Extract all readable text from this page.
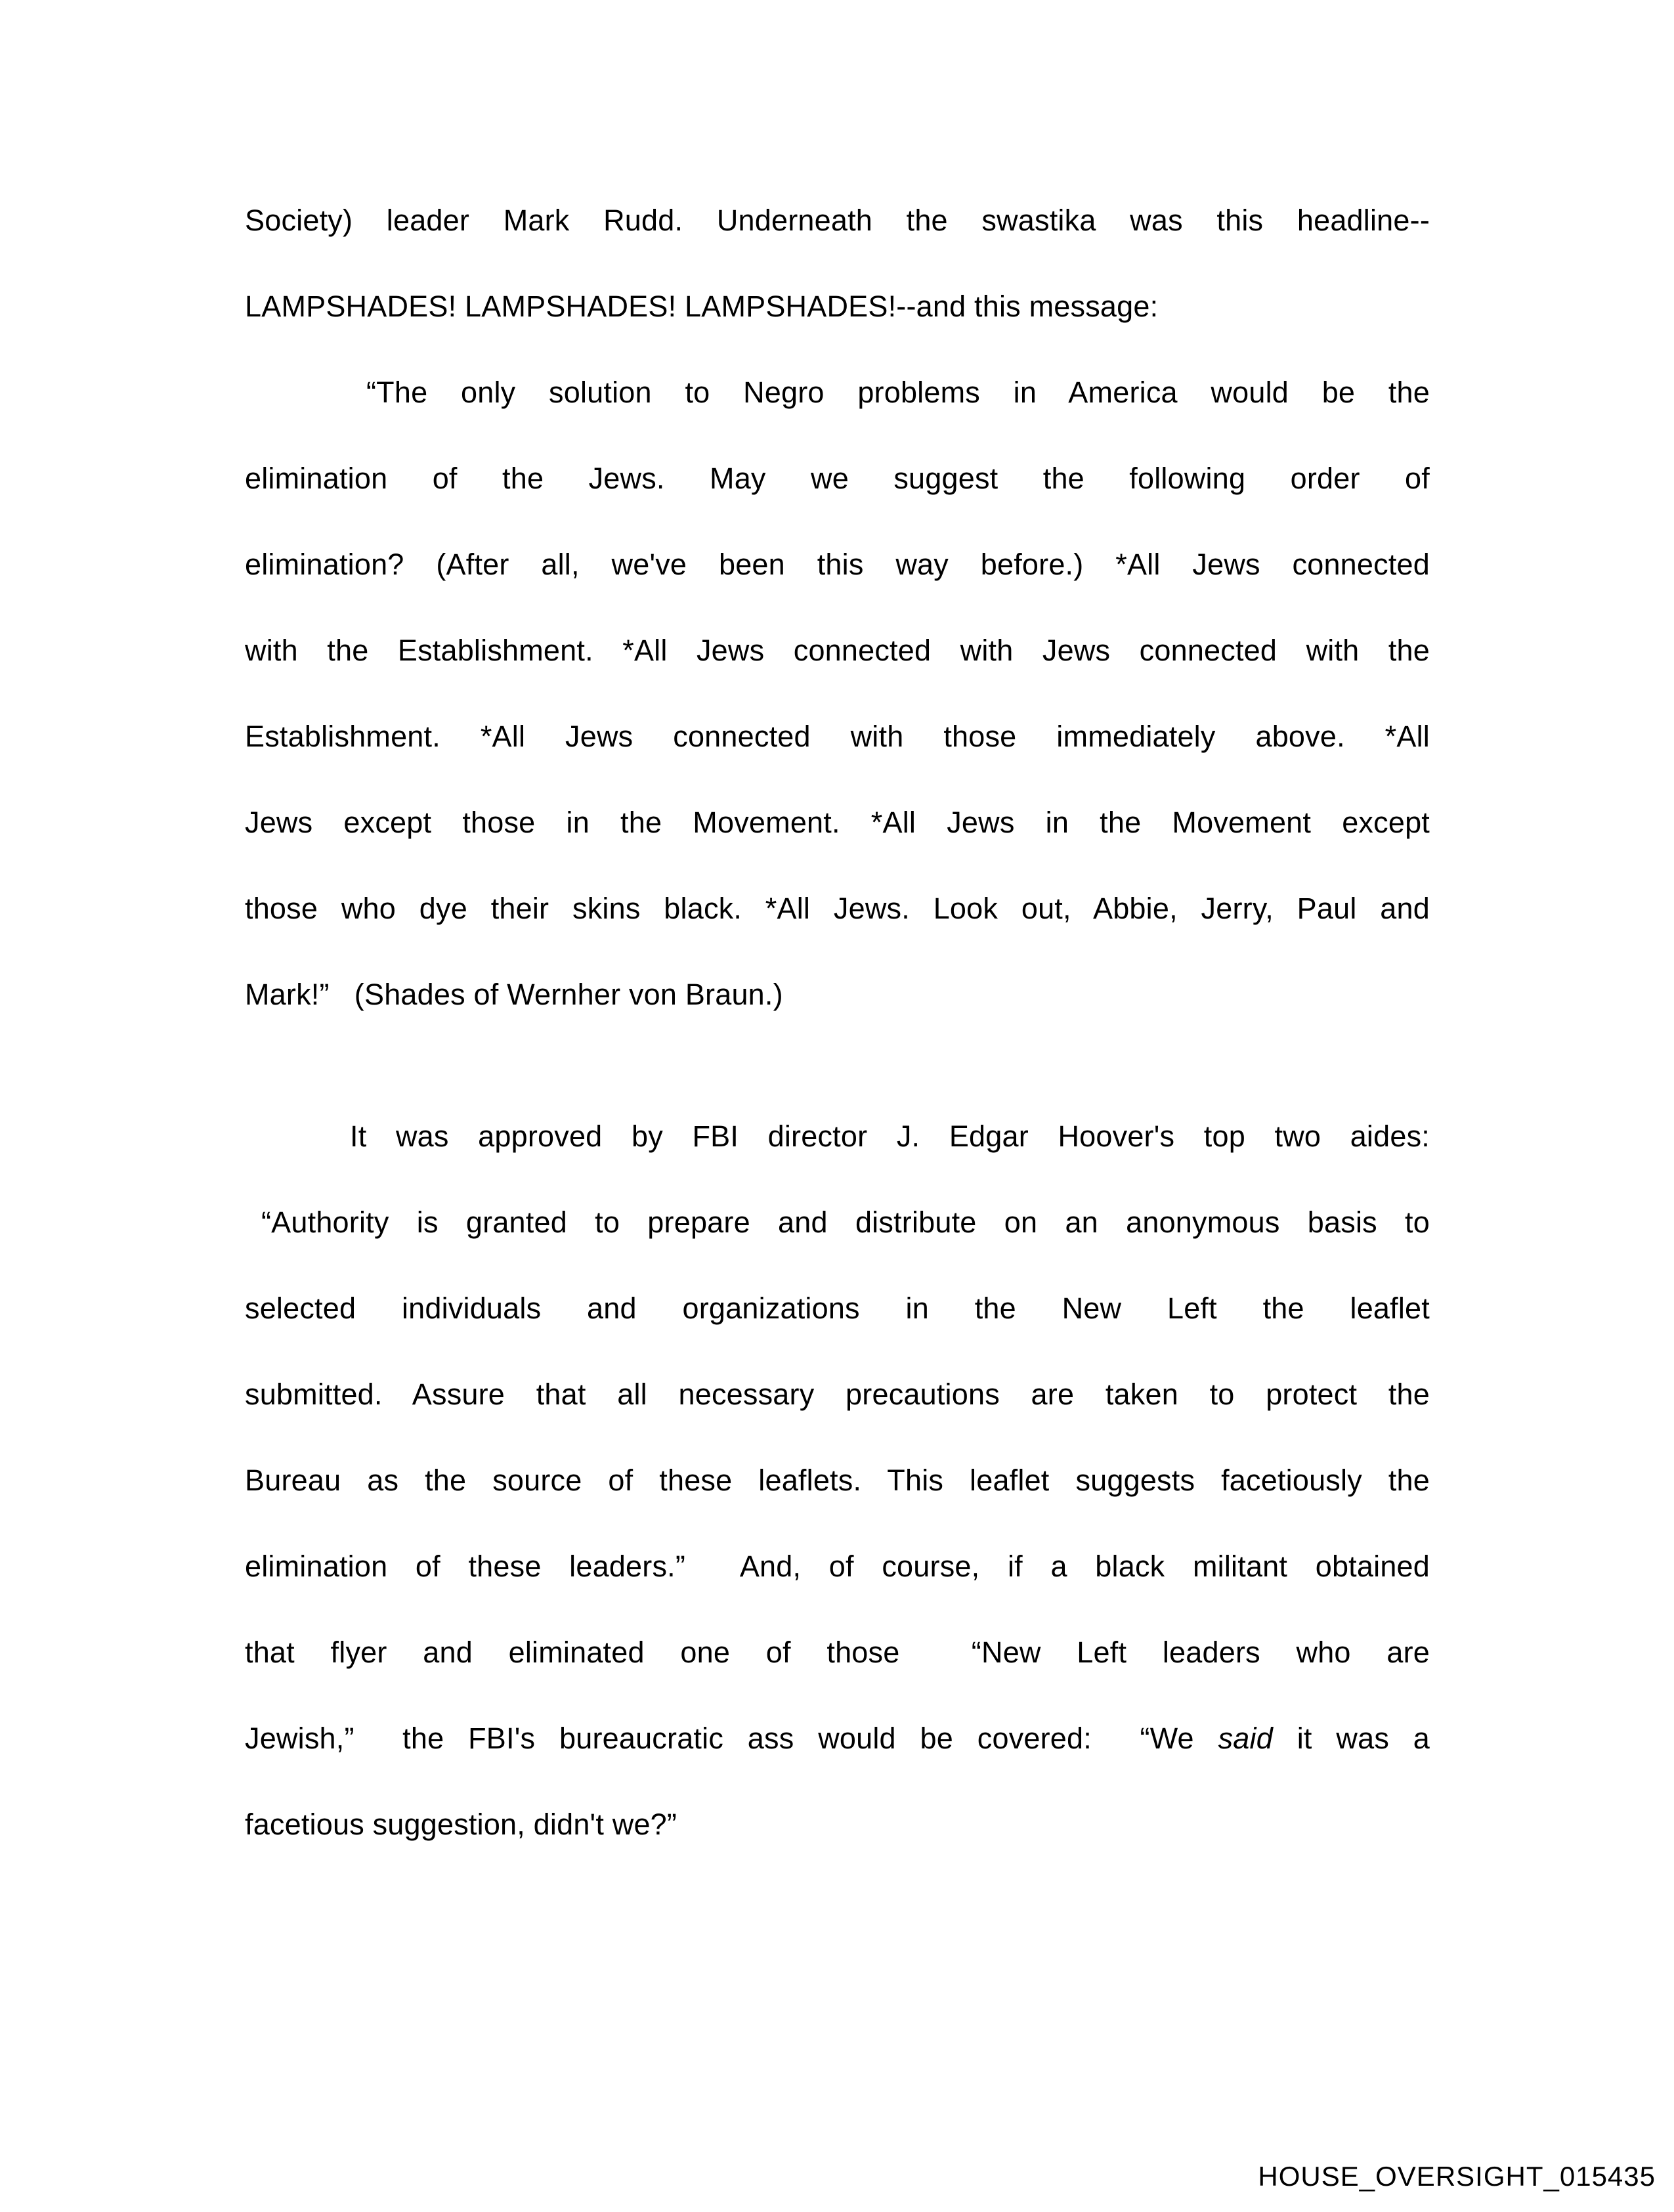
Society) leader Mark Rudd. Underneath the swastika was this headline--
LAMPSHADES! LAMPSHADES! LAMPSHADES!--and this message:
“The only solution to Negro problems in America would be the
elimination of the Jews. May we suggest the following order of
elimination? (After all, we've been this way before.) *All Jews connected
with the Establishment. *All Jews connected with Jews connected with the
Establishment. *All Jews connected with those immediately above. *All
Jews except those in the Movement. *All Jews in the Movement except
those who dye their skins black. *All Jews. Look out, Abbie, Jerry, Paul and
Mark!”   (Shades of Wernher von Braun.)
It was approved by FBI director J. Edgar Hoover's top two aides:
“Authority is granted to prepare and distribute on an anonymous basis to
selected individuals and organizations in the New Left the leaflet
submitted. Assure that all necessary precautions are taken to protect the
Bureau as the source of these leaflets. This leaflet suggests facetiously the
elimination of these leaders.”  And, of course, if a black militant obtained
that flyer and eliminated one of those  “New Left leaders who are
Jewish,”  the FBI's bureaucratic ass would be covered:  “We said it was a
facetious suggestion, didn't we?”
HOUSE_OVERSIGHT_015435
